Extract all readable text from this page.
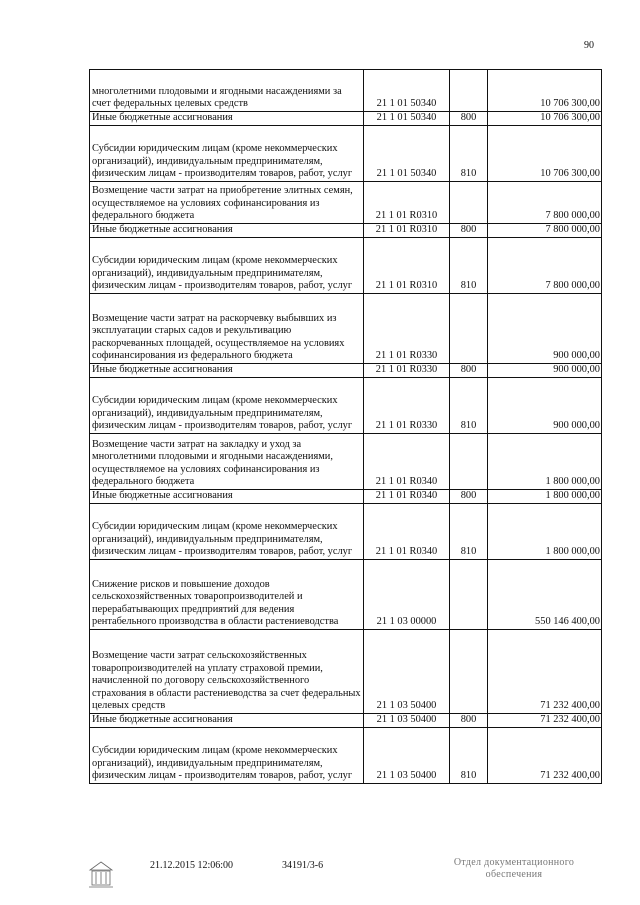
90
многолетними плодовыми и ягодными насаждениями за счет федеральных целевых средств	21 1 01 50340		10 706 300,00
Иные бюджетные ассигнования	21 1 01 50340	800	10 706 300,00
Субсидии юридическим лицам (кроме некоммерческих организаций), индивидуальным предпринимателям, физическим лицам - производителям товаров, работ, услуг	21 1 01 50340	810	10 706 300,00
Возмещение части затрат на приобретение элитных семян, осуществляемое на условиях софинансирования из федерального бюджета	21 1 01 R0310		7 800 000,00
Иные бюджетные ассигнования	21 1 01 R0310	800	7 800 000,00
Субсидии юридическим лицам (кроме некоммерческих организаций), индивидуальным предпринимателям, физическим лицам - производителям товаров, работ, услуг	21 1 01 R0310	810	7 800 000,00
Возмещение части затрат на раскорчевку выбывших из эксплуатации старых садов и рекультивацию раскорчеванных площадей, осуществляемое на условиях софинансирования из федерального бюджета	21 1 01 R0330		900 000,00
Иные бюджетные ассигнования	21 1 01 R0330	800	900 000,00
Субсидии юридическим лицам (кроме некоммерческих организаций), индивидуальным предпринимателям, физическим лицам - производителям товаров, работ, услуг	21 1 01 R0330	810	900 000,00
Возмещение части затрат на закладку и уход за многолетними плодовыми и ягодными насаждениями, осуществляемое на условиях софинансирования из федерального бюджета	21 1 01 R0340		1 800 000,00
Иные бюджетные ассигнования	21 1 01 R0340	800	1 800 000,00
Субсидии юридическим лицам (кроме некоммерческих организаций), индивидуальным предпринимателям, физическим лицам - производителям товаров, работ, услуг	21 1 01 R0340	810	1 800 000,00
Снижение рисков и повышение доходов сельскохозяйственных товаропроизводителей и перерабатывающих предприятий для ведения рентабельного производства в области растениеводства	21 1 03 00000		550 146 400,00
Возмещение части затрат сельскохозяйственных товаропроизводителей на уплату страховой премии, начисленной по договору сельскохозяйственного страхования в области растениеводства за счет федеральных целевых средств	21 1 03 50400		71 232 400,00
Иные бюджетные ассигнования	21 1 03 50400	800	71 232 400,00
Субсидии юридическим лицам (кроме некоммерческих организаций), индивидуальным предпринимателям, физическим лицам - производителям товаров, работ, услуг	21 1 03 50400	810	71 232 400,00
21.12.2015 12:06:00	34191/3-6	Отдел документационного обеспечения
